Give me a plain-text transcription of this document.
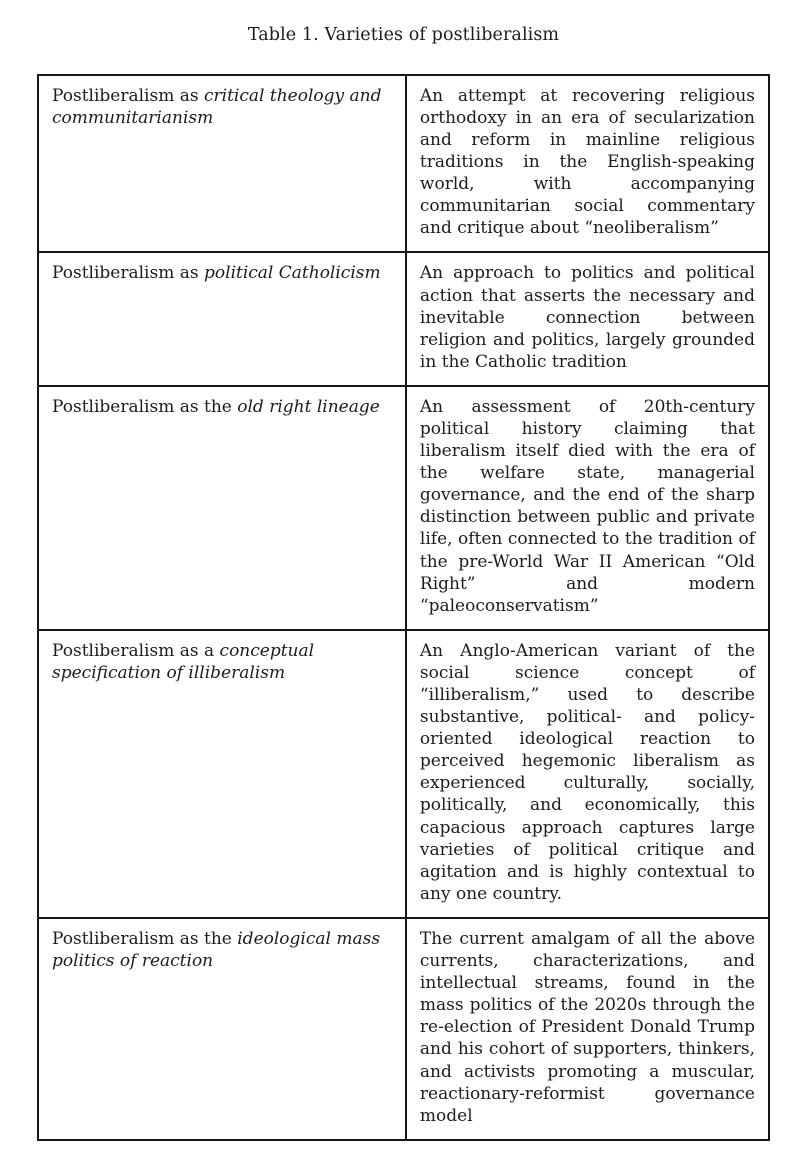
Table 1. Varieties of postliberalism
Postliberalism as critical theology and communitarianism	An attempt at recovering religious orthodoxy in an era of secularization and reform in mainline religious traditions in the English-speaking world, with accompanying communitarian social commentary and critique about “neoliberalism”
Postliberalism as political Catholicism	An approach to politics and political action that asserts the necessary and inevitable connection between religion and politics, largely grounded in the Catholic tradition
Postliberalism as the old right lineage	An assessment of 20th-century political history claiming that liberalism itself died with the era of the welfare state, managerial governance, and the end of the sharp distinction between public and private life, often connected to the tradition of the pre-World War II American “Old Right” and modern “paleoconservatism”
Postliberalism as a conceptual specification of illiberalism	An Anglo-American variant of the social science concept of “illiberalism,” used to describe substantive, political- and policy-oriented ideological reaction to perceived hegemonic liberalism as experienced culturally, socially, politically, and economically, this capacious approach captures large varieties of political critique and agitation and is highly contextual to any one country.
Postliberalism as the ideological mass politics of reaction	The current amalgam of all the above currents, characterizations, and intellectual streams, found in the mass politics of the 2020s through the re-election of President Donald Trump and his cohort of supporters, thinkers, and activists promoting a muscular, reactionary-reformist governance model
